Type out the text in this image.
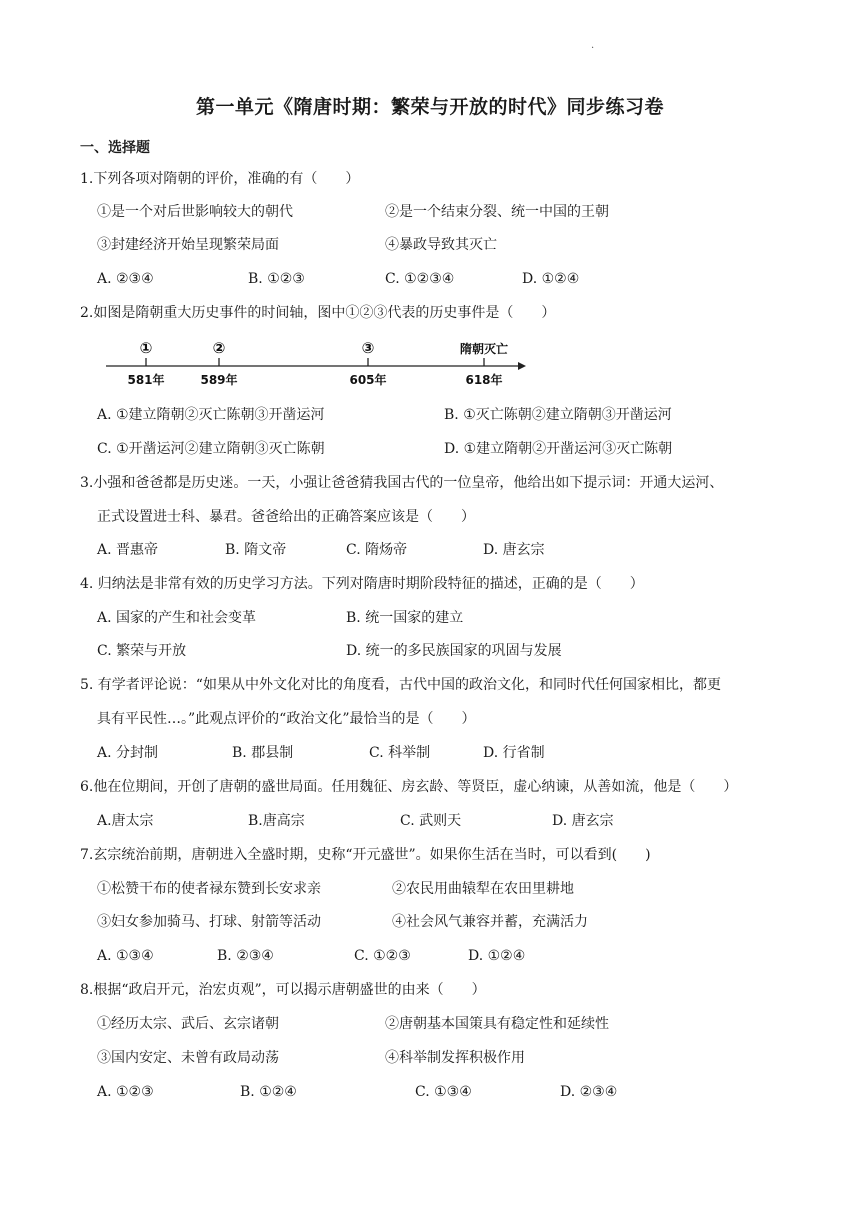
.
第一单元《隋唐时期：繁荣与开放的时代》同步练习卷
一、选择题
1.下列各项对隋朝的评价，准确的有（　　）
①是一个对后世影响较大的朝代	②是一个结束分裂、统一中国的王朝
③封建经济开始呈现繁荣局面	④暴政导致其灭亡
A. ②③④	B. ①②③	C. ①②③④	D. ①②④
2.如图是隋朝重大历史事件的时间轴，图中①②③代表的历史事件是（　　）
①	②	③	隋朝灭亡
581年	589年	605年	618年
A. ①建立隋朝②灭亡陈朝③开凿运河	B. ①灭亡陈朝②建立隋朝③开凿运河
C. ①开凿运河②建立隋朝③灭亡陈朝	D. ①建立隋朝②开凿运河③灭亡陈朝
3.小强和爸爸都是历史迷。一天，小强让爸爸猜我国古代的一位皇帝，他给出如下提示词：开通大运河、
正式设置进士科、暴君。爸爸给出的正确答案应该是（　　）
A. 晋惠帝	B. 隋文帝	C. 隋炀帝	D. 唐玄宗
4. 归纳法是非常有效的历史学习方法。下列对隋唐时期阶段特征的描述，正确的是（　　）
A. 国家的产生和社会变革	B. 统一国家的建立
C. 繁荣与开放	D. 统一的多民族国家的巩固与发展
5. 有学者评论说：“如果从中外文化对比的角度看，古代中国的政治文化，和同时代任何国家相比，都更
具有平民性…。”此观点评价的“政治文化”最恰当的是（　　）
A. 分封制	B. 郡县制	C. 科举制	D. 行省制
6.他在位期间，开创了唐朝的盛世局面。任用魏征、房玄龄、等贤臣，虚心纳谏，从善如流，他是（　　）
A.唐太宗	B.唐高宗	C. 武则天	D. 唐玄宗
7.玄宗统治前期，唐朝进入全盛时期，史称“开元盛世”。如果你生活在当时，可以看到(　　)
①松赞干布的使者禄东赞到长安求亲	②农民用曲辕犁在农田里耕地
③妇女参加骑马、打球、射箭等活动	④社会风气兼容并蓄，充满活力
A. ①③④	B. ②③④	C. ①②③	D. ①②④
8.根据“政启开元，治宏贞观”，可以揭示唐朝盛世的由来（　　）
①经历太宗、武后、玄宗诸朝	②唐朝基本国策具有稳定性和延续性
③国内安定、未曾有政局动荡	④科举制发挥积极作用
A. ①②③	B. ①②④	C. ①③④	D. ②③④
